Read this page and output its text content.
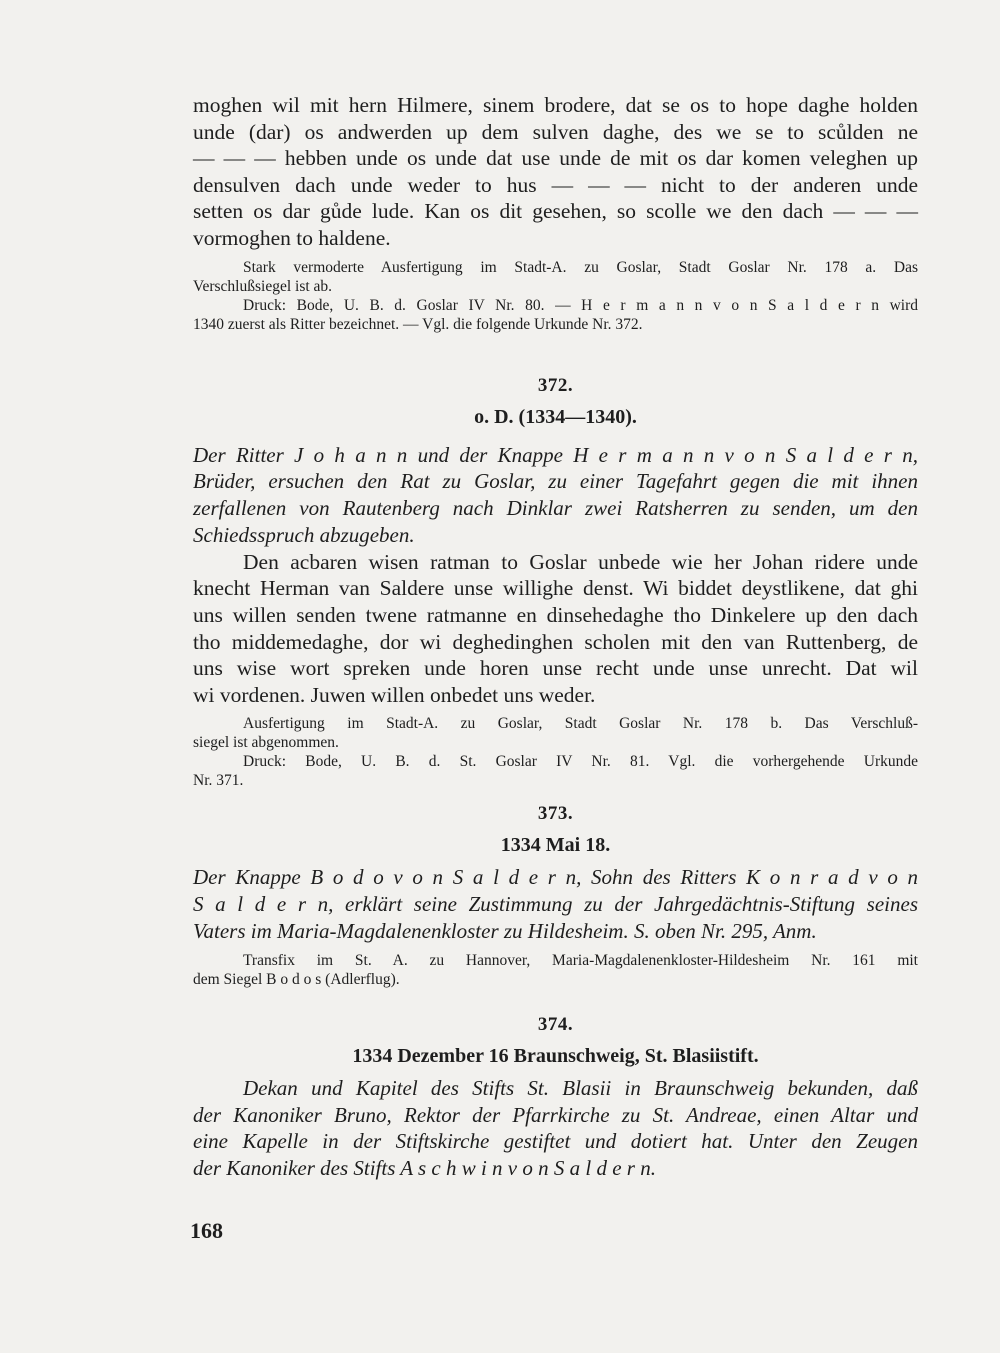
moghen wil mit hern Hilmere, sinem brodere, dat se os to hope daghe holden
unde (dar) os andwerden up dem sulven daghe, des we se to scůlden ne
— — — hebben unde os unde dat use unde de mit os dar komen veleghen up
densulven dach unde weder to hus — — — nicht to der anderen unde
setten os dar gůde lude. Kan os dit gesehen, so scolle we den dach — — —
vormoghen to haldene.
Stark vermoderte Ausfertigung im Stadt-A. zu Goslar, Stadt Goslar Nr. 178 a. Das
Verschlußsiegel ist ab.
Druck: Bode, U. B. d. Goslar IV Nr. 80. — H e r m a n n v o n S a l d e r n wird
1340 zuerst als Ritter bezeichnet. — Vgl. die folgende Urkunde Nr. 372.

372.

o. D. (1334—1340).

Der Ritter J o h a n n und der Knappe H e r m a n n v o n S a l d e r n,
Brüder, ersuchen den Rat zu Goslar, zu einer Tagefahrt gegen die mit ihnen
zerfallenen von Rautenberg nach Dinklar zwei Ratsherren zu senden, um den
Schiedsspruch abzugeben.
Den acbaren wisen ratman to Goslar unbede wie her Johan ridere unde
knecht Herman van Saldere unse willighe denst. Wi biddet deystlikene, dat ghi
uns willen senden twene ratmanne en dinsehedaghe tho Dinkelere up den dach
tho middemedaghe, dor wi deghedinghen scholen mit den van Ruttenberg, de
uns wise wort spreken unde horen unse recht unde unse unrecht. Dat wil
wi vordenen. Juwen willen onbedet uns weder.
Ausfertigung im Stadt-A. zu Goslar, Stadt Goslar Nr. 178 b. Das Verschluß-
siegel ist abgenommen.
Druck: Bode, U. B. d. St. Goslar IV Nr. 81. Vgl. die vorhergehende Urkunde
Nr. 371.

373.

1334 Mai 18.

Der Knappe B o d o v o n S a l d e r n, Sohn des Ritters K o n r a d v o n
S a l d e r n, erklärt seine Zustimmung zu der Jahrgedächtnis-Stiftung seines
Vaters im Maria-Magdalenenkloster zu Hildesheim. S. oben Nr. 295, Anm.
Transfix im St. A. zu Hannover, Maria-Magdalenenkloster-Hildesheim Nr. 161 mit
dem Siegel B o d o s (Adlerflug).

374.

1334 Dezember 16 Braunschweig, St. Blasiistift.

Dekan und Kapitel des Stifts St. Blasii in Braunschweig bekunden, daß
der Kanoniker Bruno, Rektor der Pfarrkirche zu St. Andreae, einen Altar und
eine Kapelle in der Stiftskirche gestiftet und dotiert hat. Unter den Zeugen
der Kanoniker des Stifts A s c h w i n v o n S a l d e r n.
168
